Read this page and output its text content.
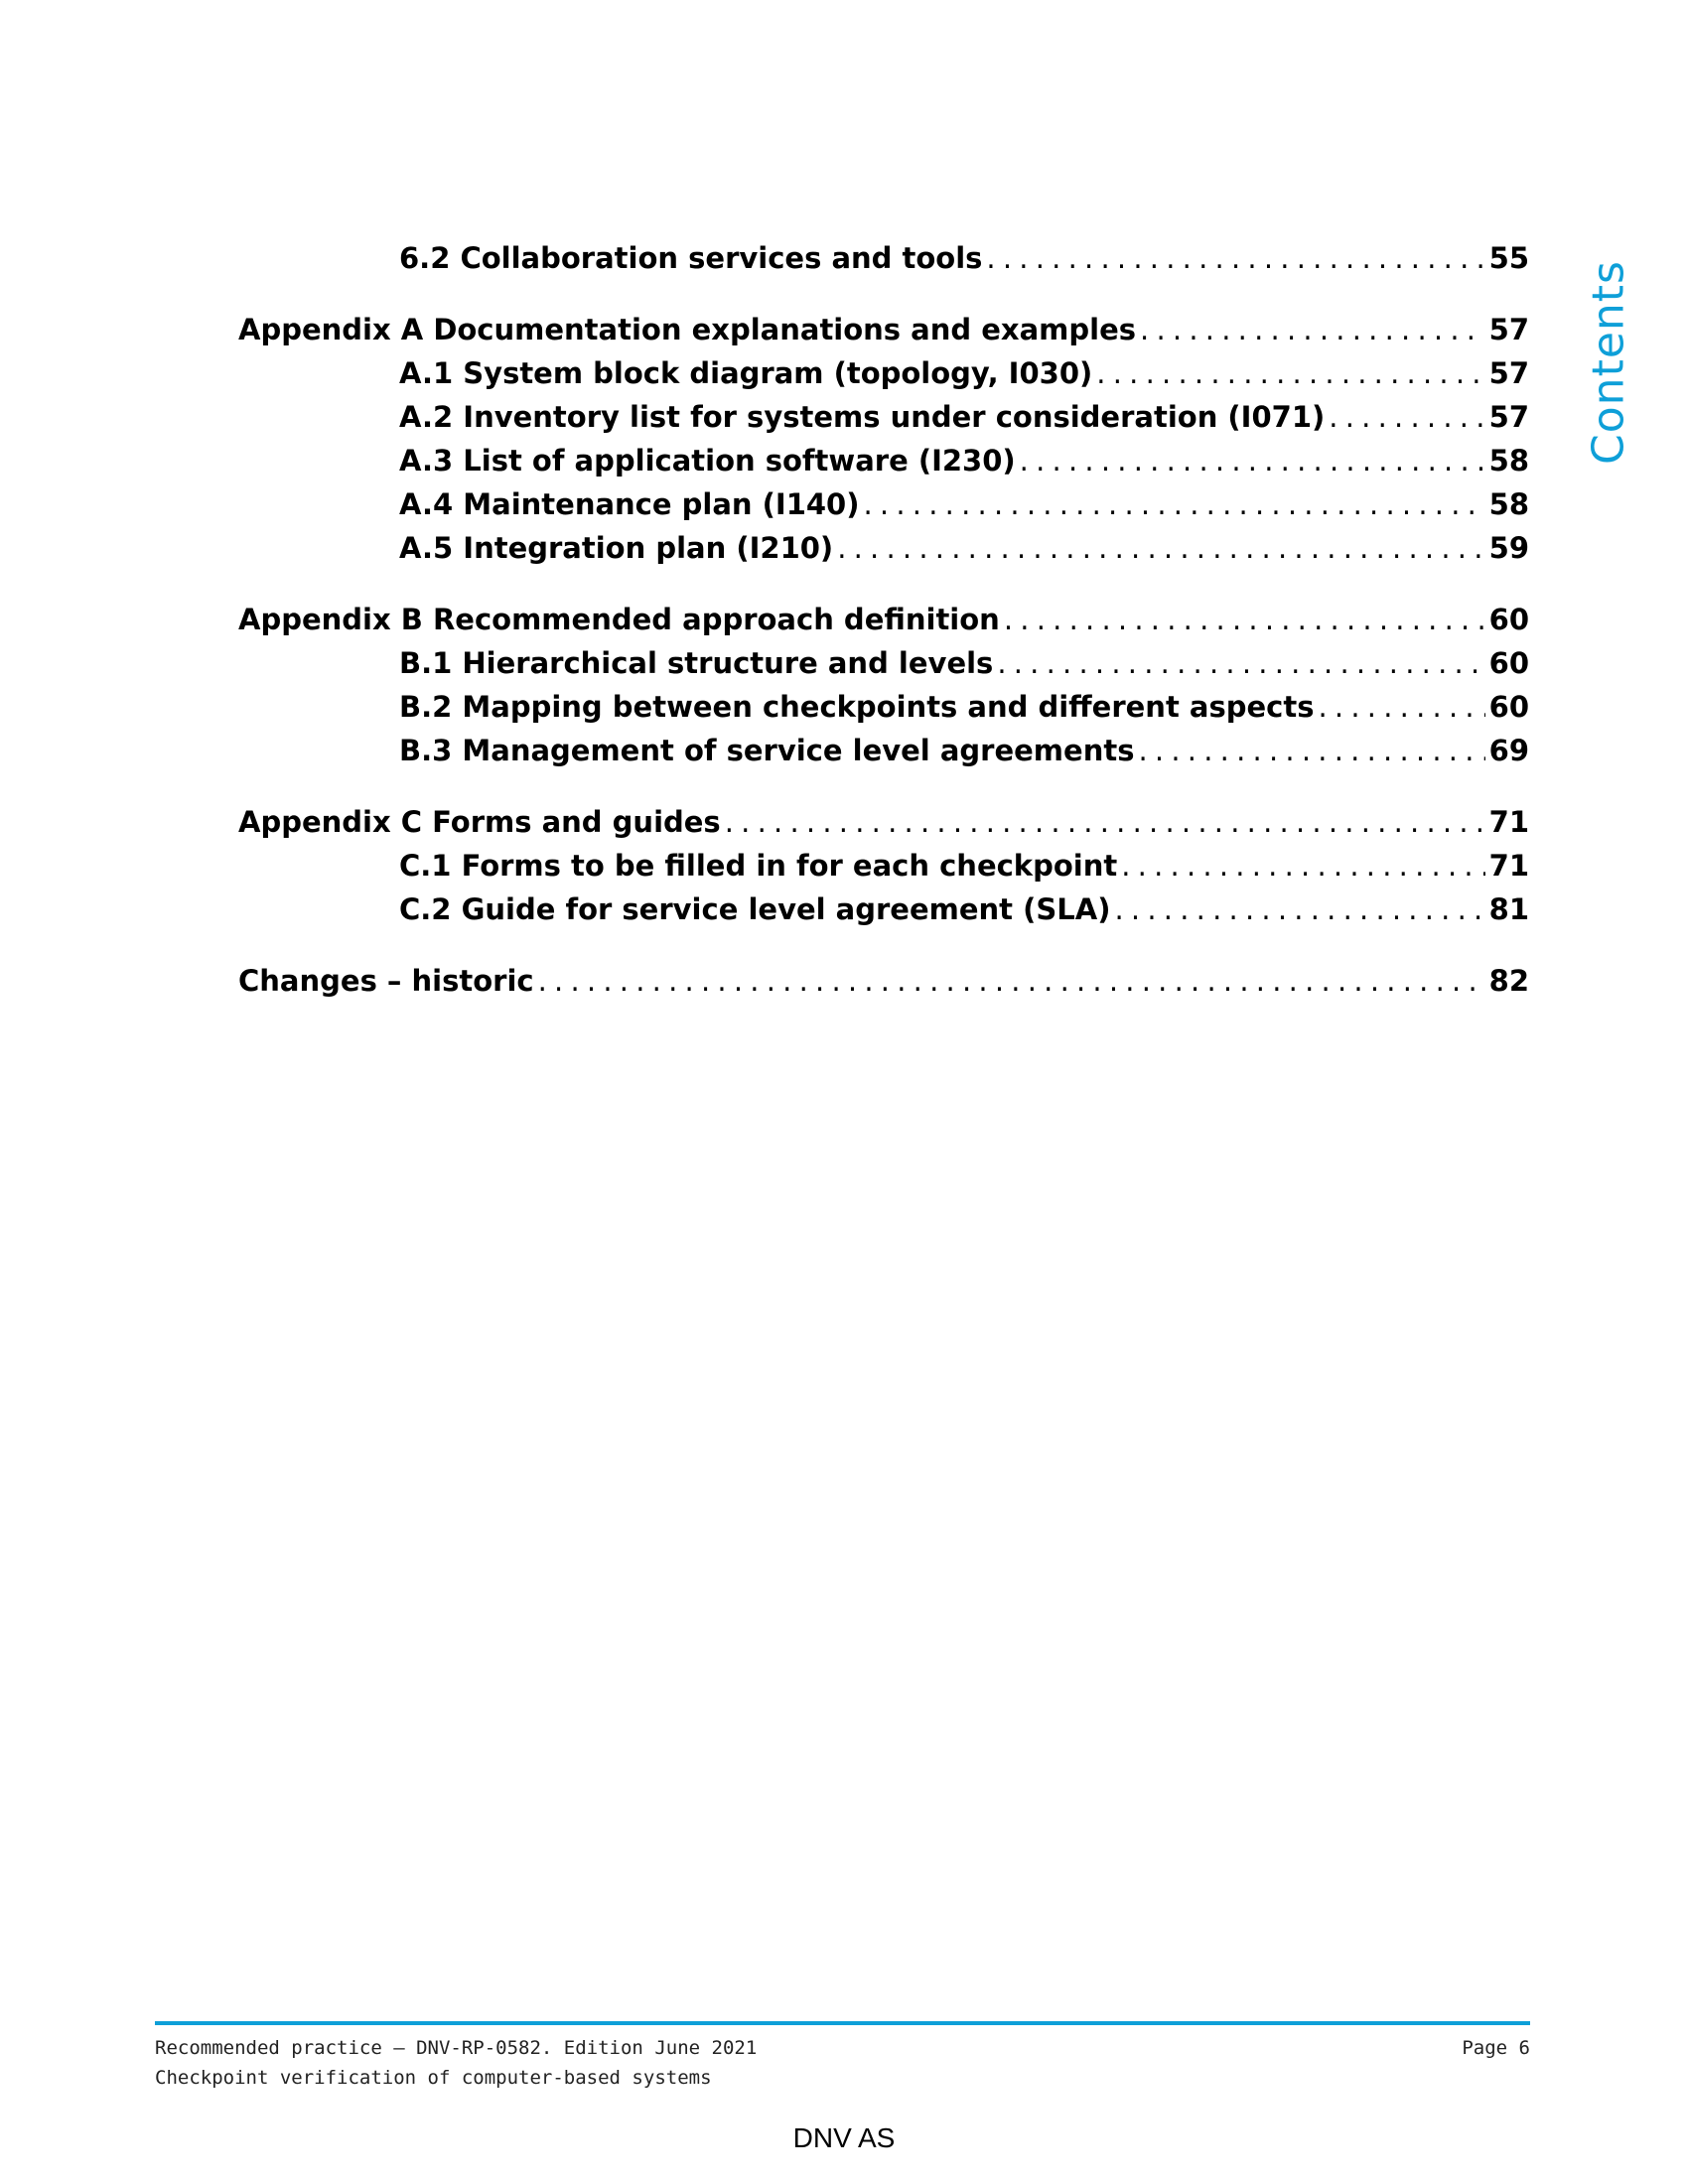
Contents
6.2 Collaboration services and tools . . .	55
Appendix A Documentation explanations and examples . . .	57
A.1 System block diagram (topology, I030) . . .	57
A.2 Inventory list for systems under consideration (I071) . . .	57
A.3 List of application software (I230) . . .	58
A.4 Maintenance plan (I140) . . .	58
A.5 Integration plan (I210) . . .	59
Appendix B Recommended approach definition . . .	60
B.1 Hierarchical structure and levels . . .	60
B.2 Mapping between checkpoints and different aspects . . .	60
B.3 Management of service level agreements . . .	69
Appendix C Forms and guides . . .	71
C.1 Forms to be filled in for each checkpoint . . .	71
C.2 Guide for service level agreement (SLA) . . .	81
Changes – historic . . .	82
Recommended practice — DNV-RP-0582. Edition June 2021	Page 6
Checkpoint verification of computer-based systems
DNV AS
